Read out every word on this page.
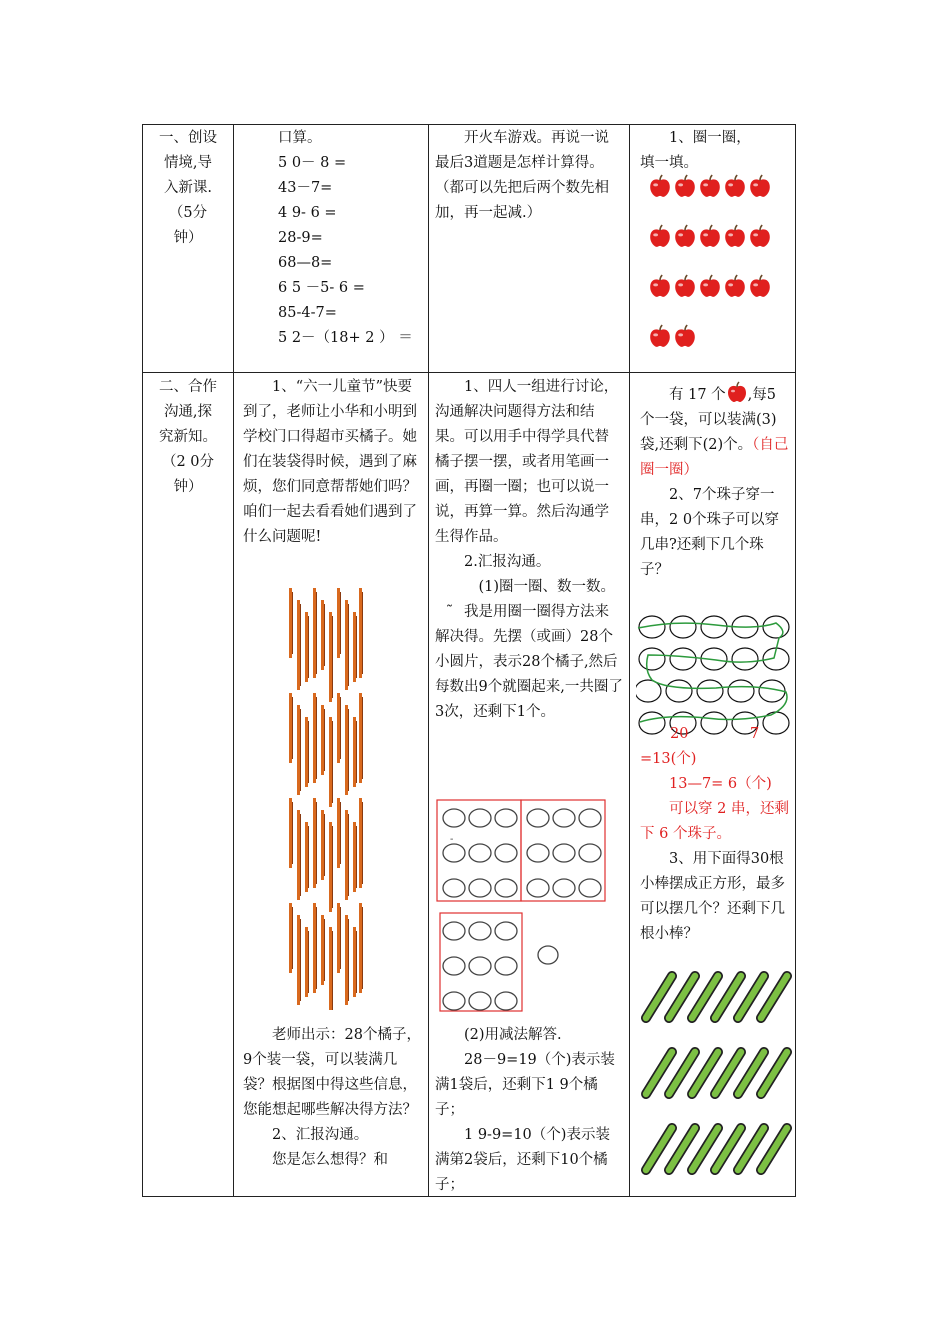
一、创设

情境,导

入新课.

（5分

钟）

口算。

5 0－ 8 =

43－7=

4 9- 6 =

28-9=

68—8=

6 5 －5- 6 =

85-4-7=

5 2－（18+ 2 ） ＝

开火车游戏。再说一说最后3道题是怎样计算得。（都可以先把后两个数先相加，再一起减.）

1、圈一圈，

填一填。

二、合作

沟通,探

究新知。

（2 0分

钟）

1、“六一儿童节”快要到了，老师让小华和小明到学校门口得超市买橘子。她们在装袋得时候，遇到了麻烦，您们同意帮帮她们吗？咱们一起去看看她们遇到了什么问题呢!

老师出示：28个橘子，9个装一袋，可以装满几袋？根据图中得这些信息，您能想起哪些解决得方法？

2、汇报沟通。

您是怎么想得？和

1、四人一组进行讨论，沟通解决问题得方法和结果。可以用手中得学具代替橘子摆一摆，或者用笔画一画，再圈一圈；也可以说一说，再算一算。然后沟通学生得作品。

2.汇报沟通。

(1)圈一圈、数一数。

˜ 我是用圈一圈得方法来解决得。先摆（或画）28个小圆片，表示28个橘子,然后每数出9个就圈起来,一共圈了3次，还剩下1个。

-

(2)用减法解答.

28－9=19（个)表示装满1袋后，还剩下1 9个橘子；

1 9-9=10（个)表示装满第2袋后，还剩下10个橘子；

有 17 个 ,每5个一袋，可以装满(3)袋,还剩下(2)个。（自己圈一圈）

2、7个珠子穿一串，2 0个珠子可以穿几串?还剩下几个珠子？

20	7

=13(个)

13—7= 6（个)

可以穿 2 串，还剩下 6 个珠子。

3、用下面得30根小棒摆成正方形，最多可以摆几个？还剩下几根小棒？
